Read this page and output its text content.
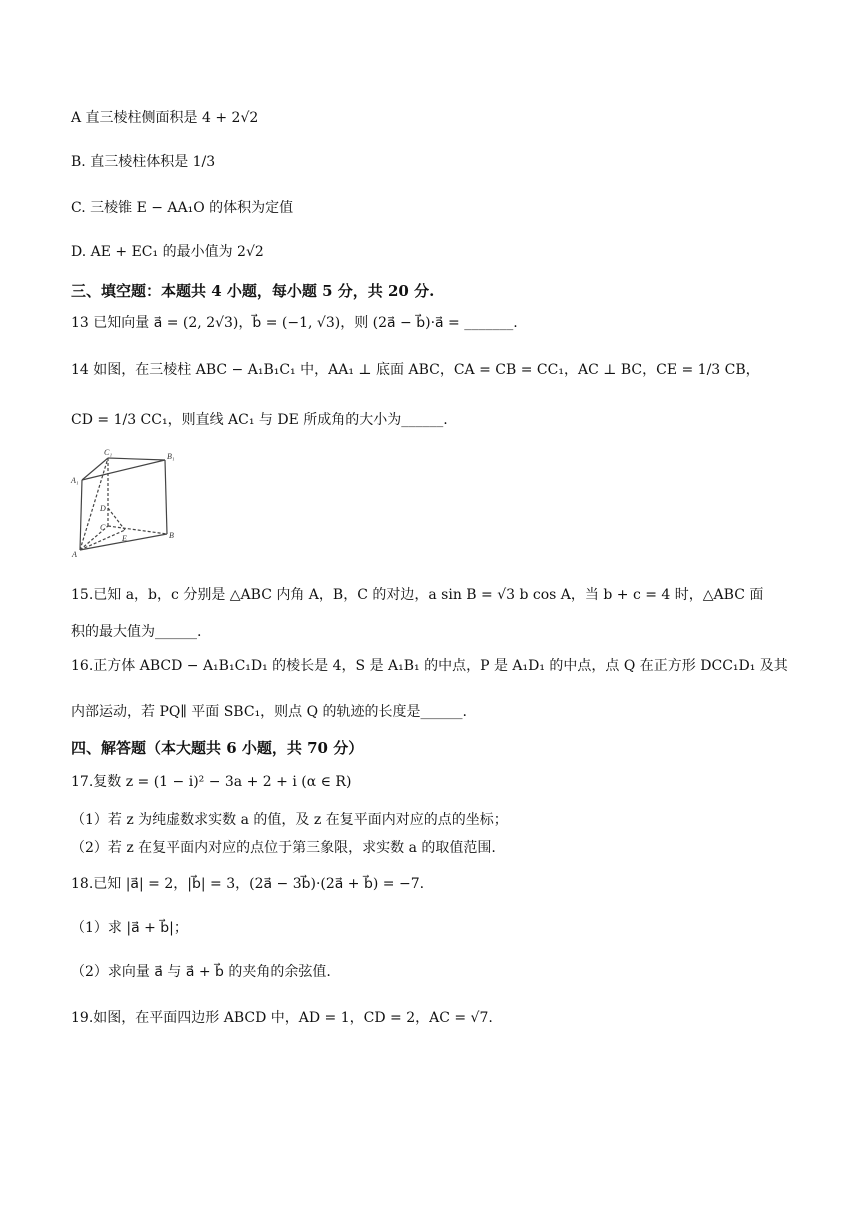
A 直三棱柱侧面积是 4 + 2√2
B. 直三棱柱体积是 1/3
C. 三棱锥 E − AA₁O 的体积为定值
D. AE + EC₁ 的最小值为 2√2
三、填空题：本题共 4 小题，每小题 5 分，共 20 分.
13 已知向量 a⃗ = (2, 2√3)，b⃗ = (−1, √3)，则 (2a⃗ − b⃗)·a⃗ = _______.
14 如图，在三棱柱 ABC − A₁B₁C₁ 中，AA₁ ⊥ 底面 ABC，CA = CB = CC₁，AC ⊥ BC，CE = 1/3 CB，
CD = 1/3 CC₁，则直线 AC₁ 与 DE 所成角的大小为______.
C₁	B₁
A₁
D
C
E
A
B
15.已知 a，b，c 分别是 △ABC 内角 A，B，C 的对边，a sin B = √3 b cos A，当 b + c = 4 时，△ABC 面
积的最大值为______.
16.正方体 ABCD − A₁B₁C₁D₁ 的棱长是 4，S 是 A₁B₁ 的中点，P 是 A₁D₁ 的中点，点 Q 在正方形 DCC₁D₁ 及其
内部运动，若 PQ∥ 平面 SBC₁，则点 Q 的轨迹的长度是______.
四、解答题（本大题共 6 小题，共 70 分）
17.复数 z = (1 − i)² − 3a + 2 + i (α ∈ R)
（1）若 z 为纯虚数求实数 a 的值，及 z 在复平面内对应的点的坐标；
（2）若 z 在复平面内对应的点位于第三象限，求实数 a 的取值范围.
18.已知 |a⃗| = 2，|b⃗| = 3，(2a⃗ − 3b⃗)·(2a⃗ + b⃗) = −7.
（1）求 |a⃗ + b⃗|；
（2）求向量 a⃗ 与 a⃗ + b⃗ 的夹角的余弦值.
19.如图，在平面四边形 ABCD 中，AD = 1，CD = 2，AC = √7.
